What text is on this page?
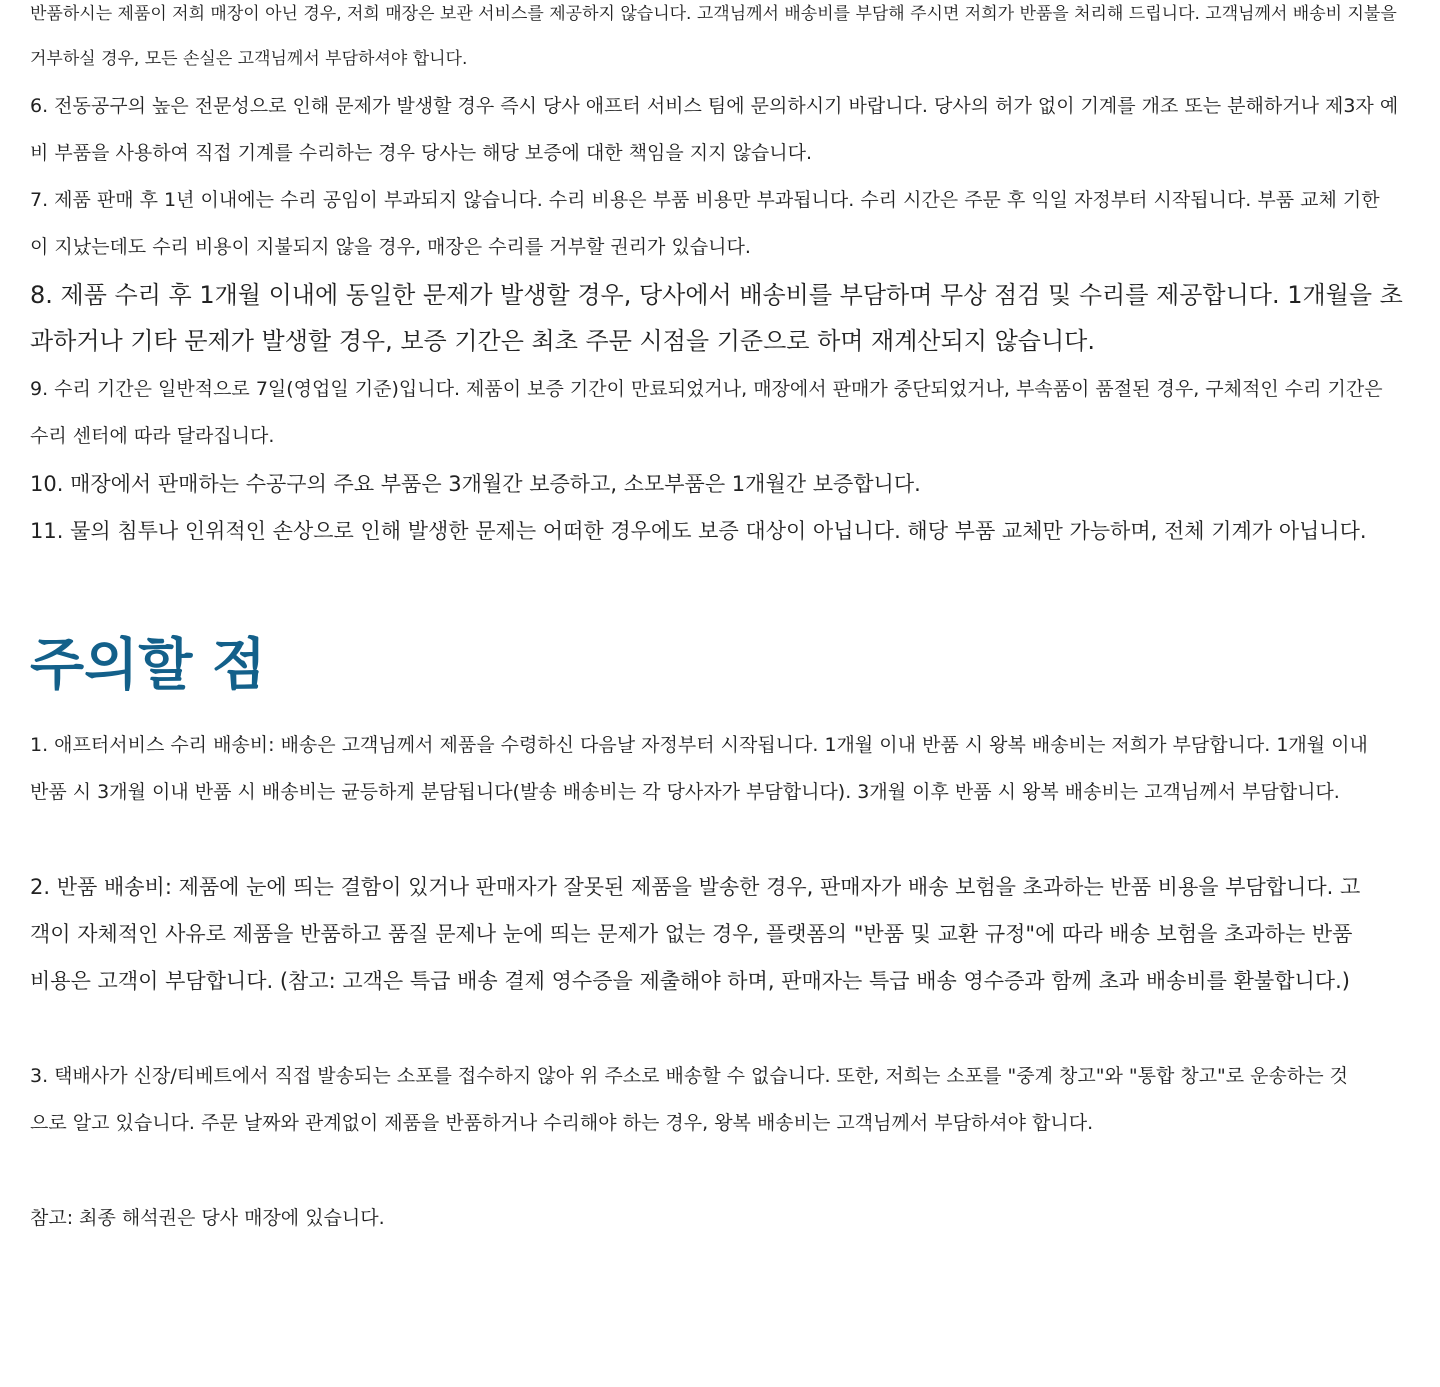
반품하시는 제품이 저희 매장이 아닌 경우, 저희 매장은 보관 서비스를 제공하지 않습니다. 고객님께서 배송비를 부담해 주시면 저희가 반품을 처리해 드립니다. 고객님께서 배송비 지불을 거부하실 경우, 모든 손실은 고객님께서 부담하셔야 합니다.

6. 전동공구의 높은 전문성으로 인해 문제가 발생할 경우 즉시 당사 애프터 서비스 팀에 문의하시기 바랍니다. 당사의 허가 없이 기계를 개조 또는 분해하거나 제3자 예비 부품을 사용하여 직접 기계를 수리하는 경우 당사는 해당 보증에 대한 책임을 지지 않습니다.

7. 제품 판매 후 1년 이내에는 수리 공임이 부과되지 않습니다. 수리 비용은 부품 비용만 부과됩니다. 수리 시간은 주문 후 익일 자정부터 시작됩니다. 부품 교체 기한이 지났는데도 수리 비용이 지불되지 않을 경우, 매장은 수리를 거부할 권리가 있습니다.

8. 제품 수리 후 1개월 이내에 동일한 문제가 발생할 경우, 당사에서 배송비를 부담하며 무상 점검 및 수리를 제공합니다. 1개월을 초과하거나 기타 문제가 발생할 경우, 보증 기간은 최초 주문 시점을 기준으로 하며 재계산되지 않습니다.

9. 수리 기간은 일반적으로 7일(영업일 기준)입니다. 제품이 보증 기간이 만료되었거나, 매장에서 판매가 중단되었거나, 부속품이 품절된 경우, 구체적인 수리 기간은 수리 센터에 따라 달라집니다.

10. 매장에서 판매하는 수공구의 주요 부품은 3개월간 보증하고, 소모부품은 1개월간 보증합니다.

11. 물의 침투나 인위적인 손상으로 인해 발생한 문제는 어떠한 경우에도 보증 대상이 아닙니다. 해당 부품 교체만 가능하며, 전체 기계가 아닙니다.

주의할 점

1. 애프터서비스 수리 배송비: 배송은 고객님께서 제품을 수령하신 다음날 자정부터 시작됩니다. 1개월 이내 반품 시 왕복 배송비는 저희가 부담합니다. 1개월 이내 반품 시 3개월 이내 반품 시 배송비는 균등하게 분담됩니다(발송 배송비는 각 당사자가 부담합니다). 3개월 이후 반품 시 왕복 배송비는 고객님께서 부담합니다.

2. 반품 배송비: 제품에 눈에 띄는 결함이 있거나 판매자가 잘못된 제품을 발송한 경우, 판매자가 배송 보험을 초과하는 반품 비용을 부담합니다. 고객이 자체적인 사유로 제품을 반품하고 품질 문제나 눈에 띄는 문제가 없는 경우, 플랫폼의 "반품 및 교환 규정"에 따라 배송 보험을 초과하는 반품 비용은 고객이 부담합니다. (참고: 고객은 특급 배송 결제 영수증을 제출해야 하며, 판매자는 특급 배송 영수증과 함께 초과 배송비를 환불합니다.)

3. 택배사가 신장/티베트에서 직접 발송되는 소포를 접수하지 않아 위 주소로 배송할 수 없습니다. 또한, 저희는 소포를 "중계 창고"와 "통합 창고"로 운송하는 것으로 알고 있습니다. 주문 날짜와 관계없이 제품을 반품하거나 수리해야 하는 경우, 왕복 배송비는 고객님께서 부담하셔야 합니다.

참고: 최종 해석권은 당사 매장에 있습니다.
